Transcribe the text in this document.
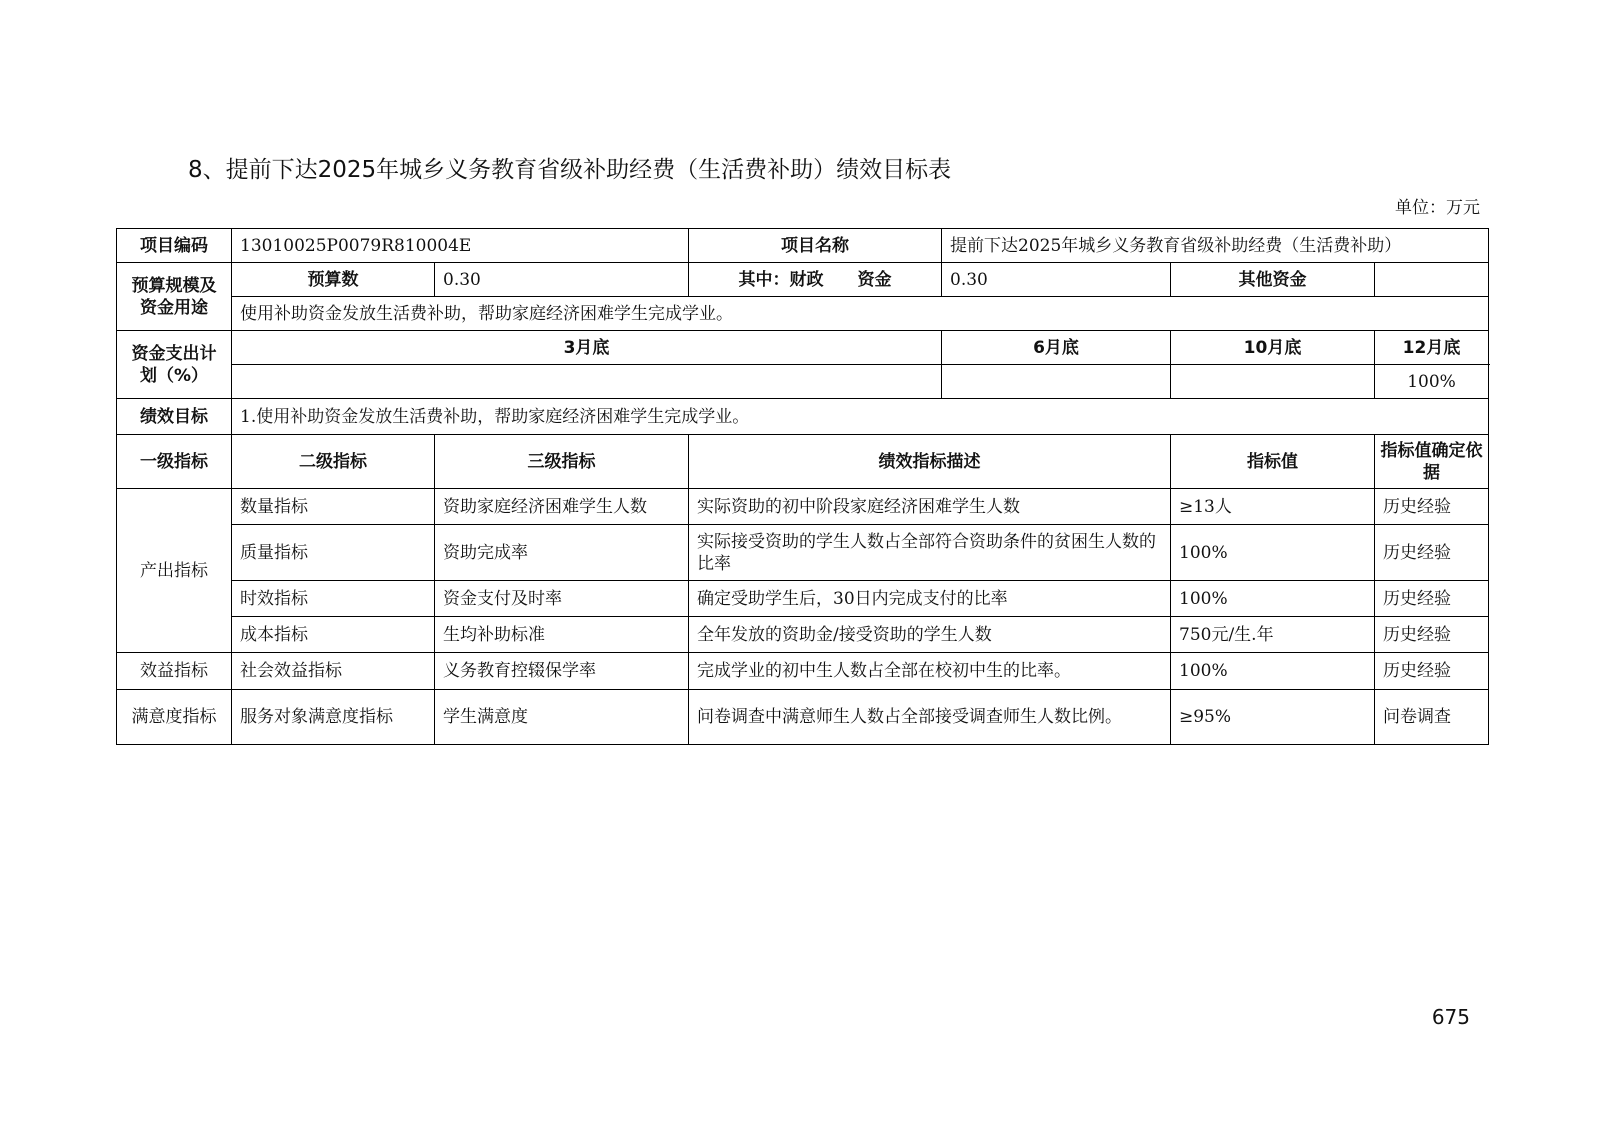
8、提前下达2025年城乡义务教育省级补助经费（生活费补助）绩效目标表
单位：万元
项目编码	13010025P0079R810004E		项目名称	提前下达2025年城乡义务教育省级补助经费（生活费补助）		
预算规模及资金用途	预算数	0.30	其中：财政　　资金	0.30	其他资金	
	使用补助资金发放生活费补助，帮助家庭经济困难学生完成学业。					
资金支出计划（%）	3月底			6月底	10月底	12月底
						100%
绩效目标	1.使用补助资金发放生活费补助，帮助家庭经济困难学生完成学业。					
一级指标	二级指标	三级指标	绩效指标描述		指标值	指标值确定依据
产出指标	数量指标	资助家庭经济困难学生人数	实际资助的初中阶段家庭经济困难学生人数		≥13人	历史经验
	质量指标	资助完成率	实际接受资助的学生人数占全部符合资助条件的贫困生人数的比率		100%	历史经验
	时效指标	资金支付及时率	确定受助学生后，30日内完成支付的比率		100%	历史经验
	成本指标	生均补助标准	全年发放的资助金/接受资助的学生人数		750元/生.年	历史经验
效益指标	社会效益指标	义务教育控辍保学率	完成学业的初中生人数占全部在校初中生的比率。		100%	历史经验
满意度指标	服务对象满意度指标	学生满意度	问卷调查中满意师生人数占全部接受调查师生人数比例。		≥95%	问卷调查
675
